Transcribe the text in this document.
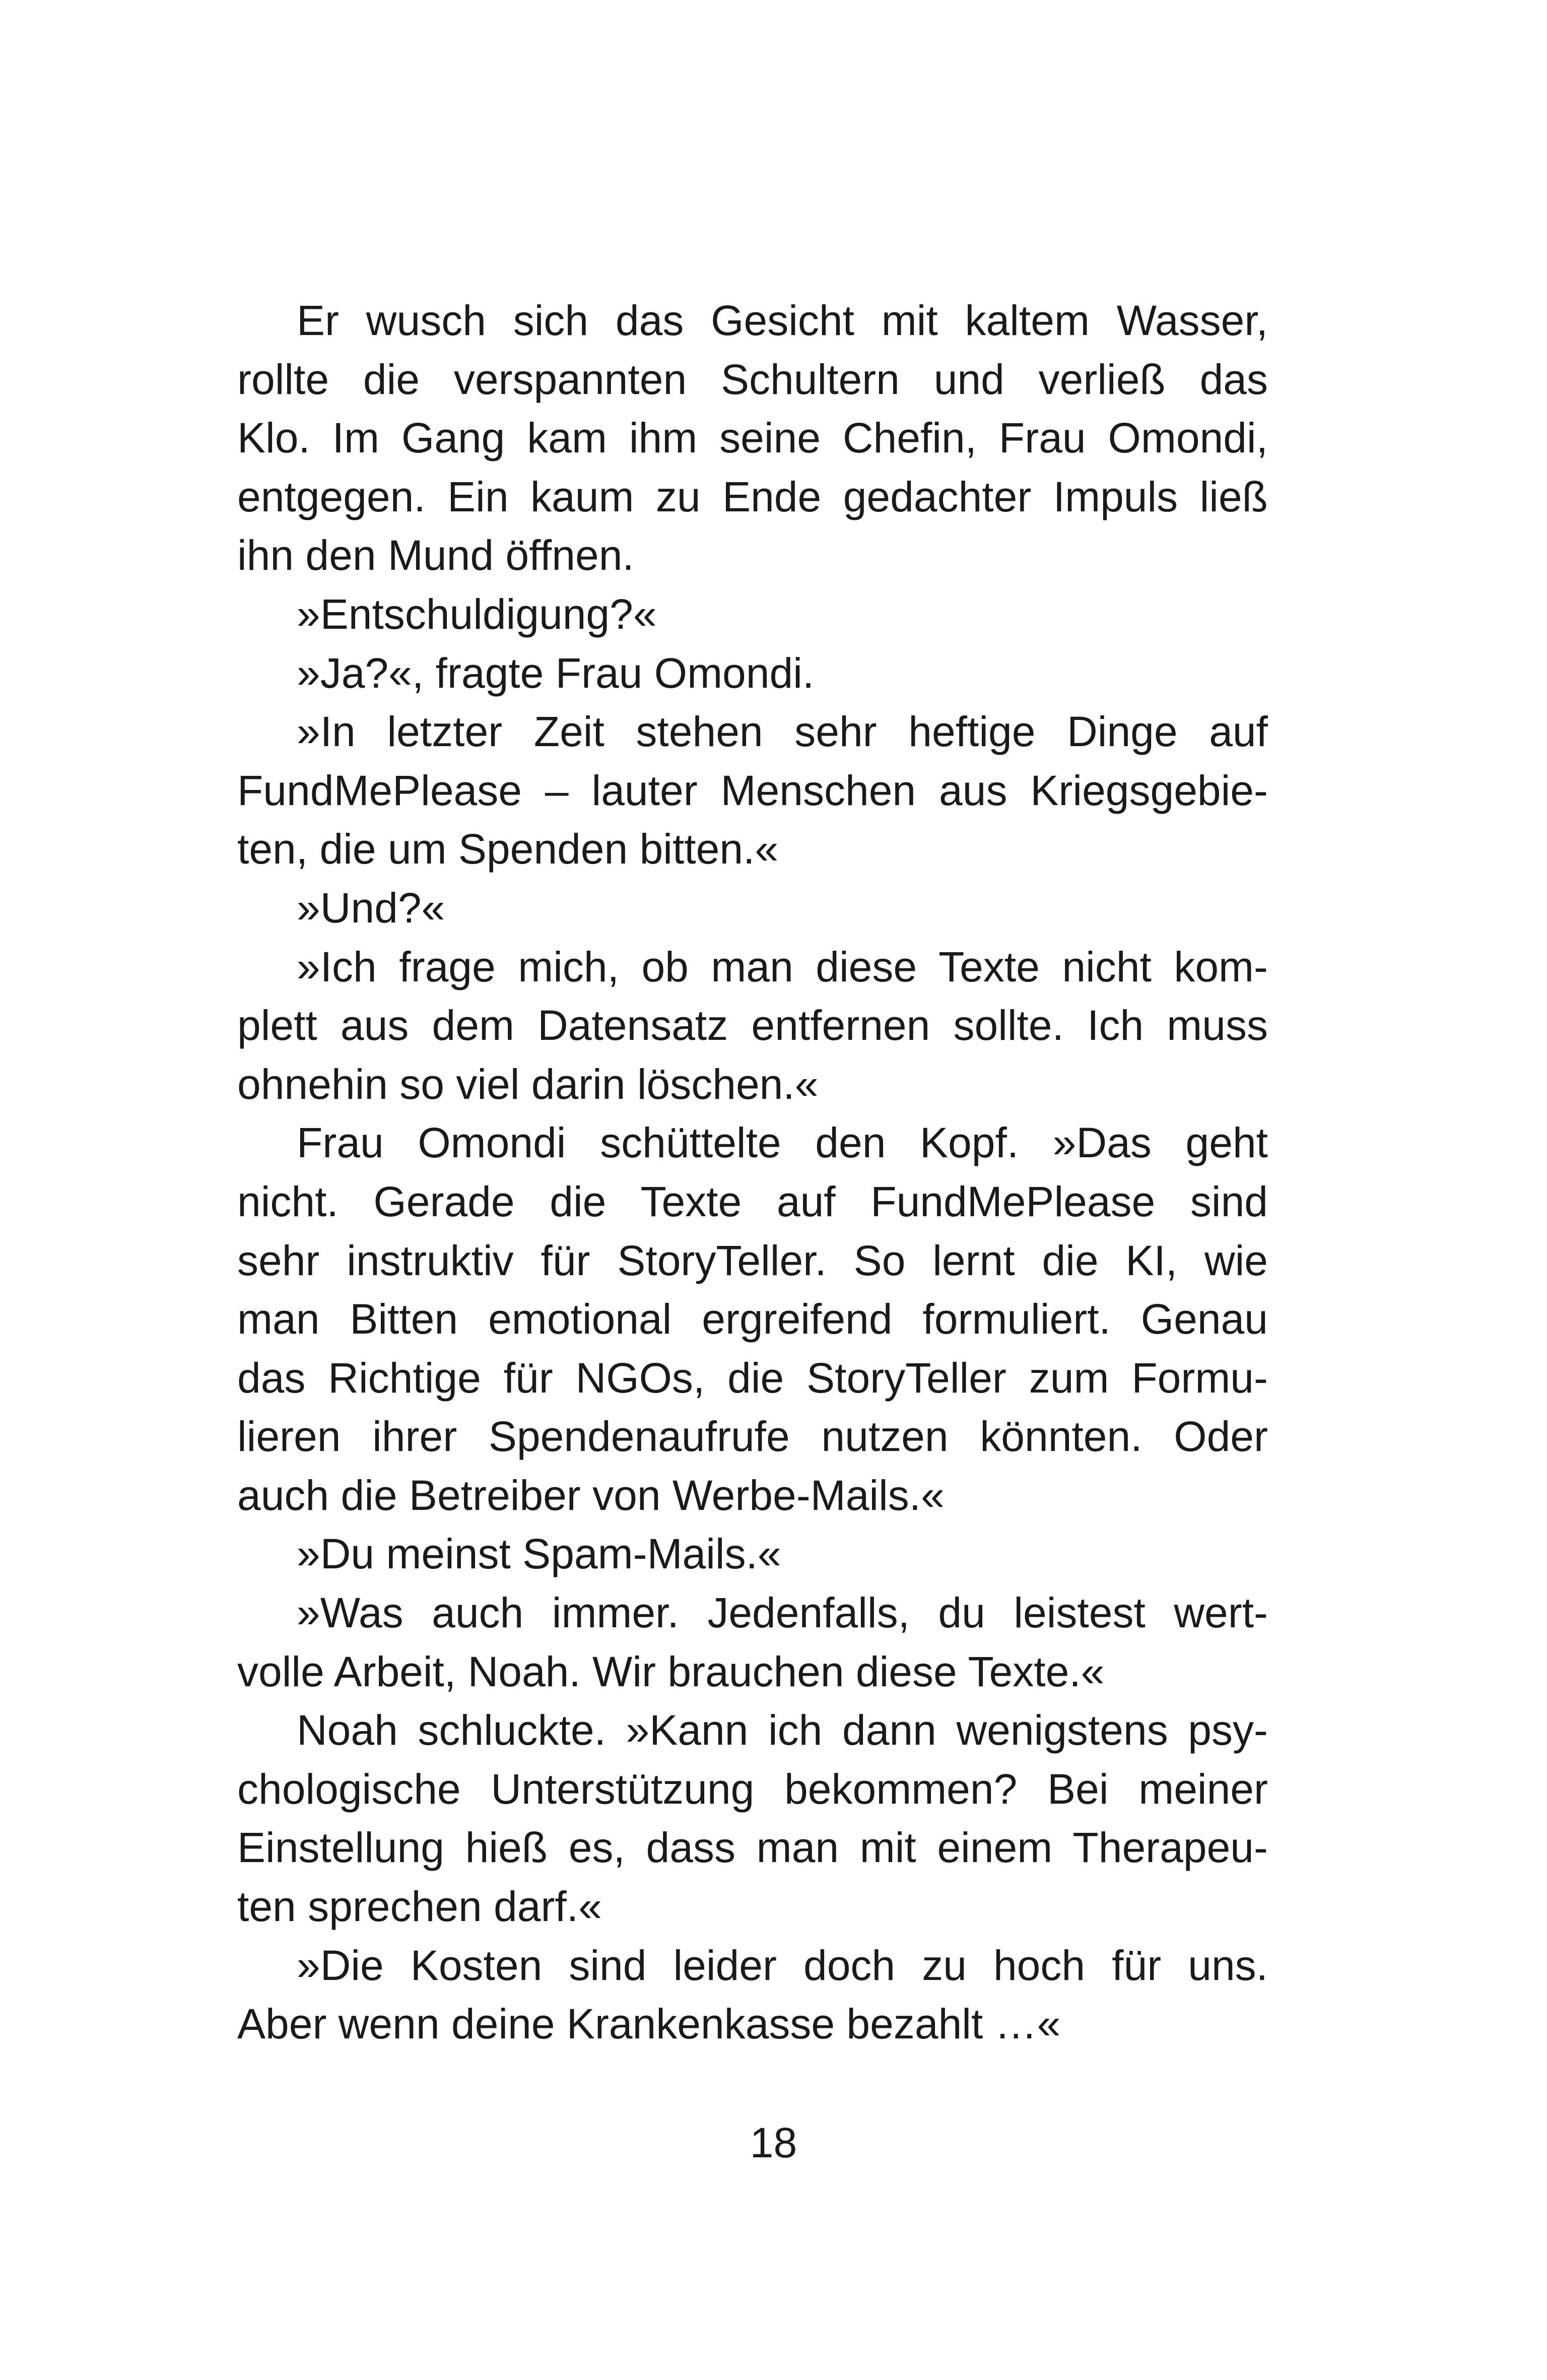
Er wusch sich das Gesicht mit kaltem Wasser,
rollte die verspannten Schultern und verließ das
Klo. Im Gang kam ihm seine Chefin, Frau Omondi,
entgegen. Ein kaum zu Ende gedachter Impuls ließ
ihn den Mund öffnen.
»Entschuldigung?«
»Ja?«, fragte Frau Omondi.
»In letzter Zeit stehen sehr heftige Dinge auf
FundMePlease – lauter Menschen aus Kriegsgebie-
ten, die um Spenden bitten.«
»Und?«
»Ich frage mich, ob man diese Texte nicht kom-
plett aus dem Datensatz entfernen sollte. Ich muss
ohnehin so viel darin löschen.«
Frau Omondi schüttelte den Kopf. »Das geht
nicht. Gerade die Texte auf FundMePlease sind
sehr instruktiv für StoryTeller. So lernt die KI, wie
man Bitten emotional ergreifend formuliert. Genau
das Richtige für NGOs, die StoryTeller zum Formu-
lieren ihrer Spendenaufrufe nutzen könnten. Oder
auch die Betreiber von Werbe-Mails.«
»Du meinst Spam-Mails.«
»Was auch immer. Jedenfalls, du leistest wert-
volle Arbeit, Noah. Wir brauchen diese Texte.«
Noah schluckte. »Kann ich dann wenigstens psy-
chologische Unterstützung bekommen? Bei meiner
Einstellung hieß es, dass man mit einem Therapeu-
ten sprechen darf.«
»Die Kosten sind leider doch zu hoch für uns.
Aber wenn deine Krankenkasse bezahlt …«
18
